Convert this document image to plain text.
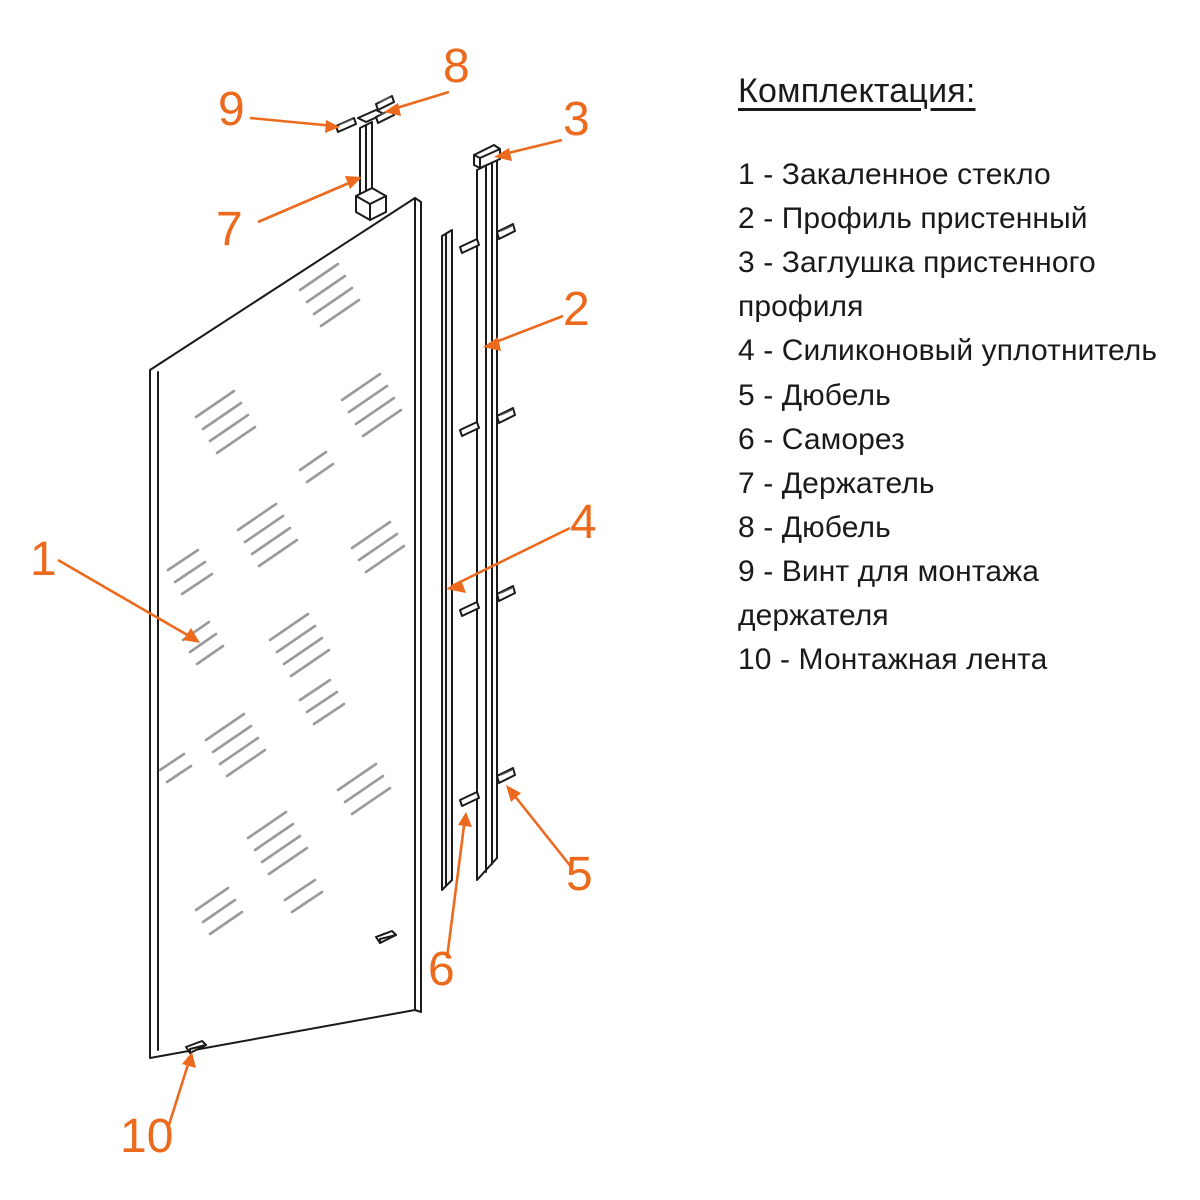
1
2
3
4
5
6
7
8
9
10
Комплектация:
1 - Закаленное стекло
2 - Профиль пристенный
3 - Заглушка пристенного профиля
4 - Силиконовый уплотнитель
5 - Дюбель
6 - Саморез
7 - Держатель
8 - Дюбель
9 - Винт для монтажа держателя
10 - Монтажная лента
